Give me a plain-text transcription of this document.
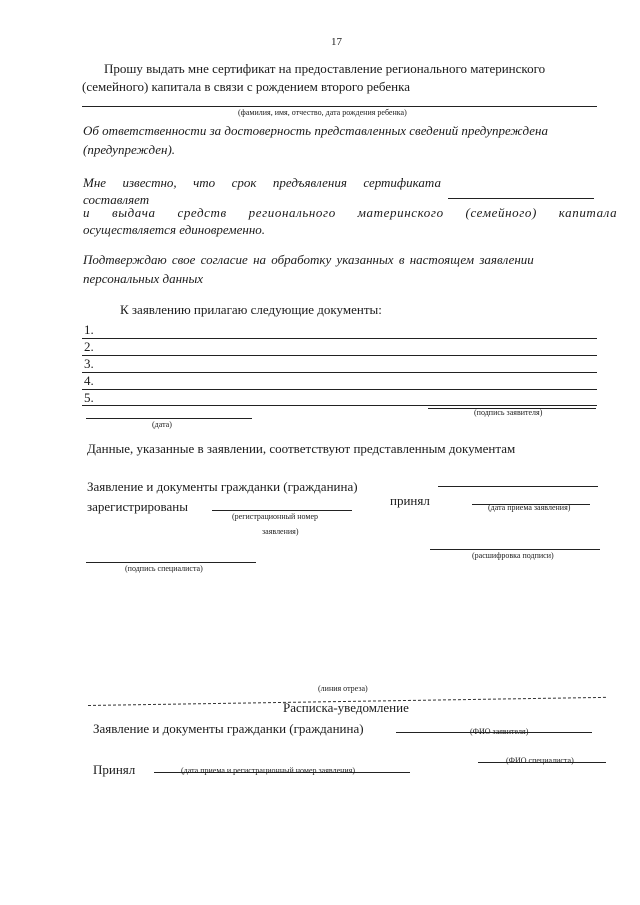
17
Прошу выдать мне сертификат на предоставление регионального материнского
(семейного) капитала в связи с рождением второго ребенка
(фамилия, имя, отчество, дата рождения ребенка)
Об ответственности за достоверность представленных сведений предупреждена
(предупрежден).
Мне известно, что срок предъявления сертификата
составляет
и выдача средств регионального материнского (семейного) капитала
осуществляется единовременно.
Подтверждаю свое согласие на обработку указанных в настоящем заявлении
персональных данных
К заявлению прилагаю следующие документы:
1.
2.
3.
4.
5.
(дата)
(подпись заявителя)
Данные, указанные в заявлении, соответствуют представленным документам
Заявление и документы гражданки (гражданина)
принял
зарегистрированы
(регистрационный номер
заявления)
(дата приема заявления)
(подпись специалиста)
(расшифровка подписи)
(линия отреза)
Расписка-уведомление
Заявление и документы гражданки (гражданина)	(ФИО заявителя)
Принял	(дата приема и регистрационный номер заявления)
(ФИО специалиста)
